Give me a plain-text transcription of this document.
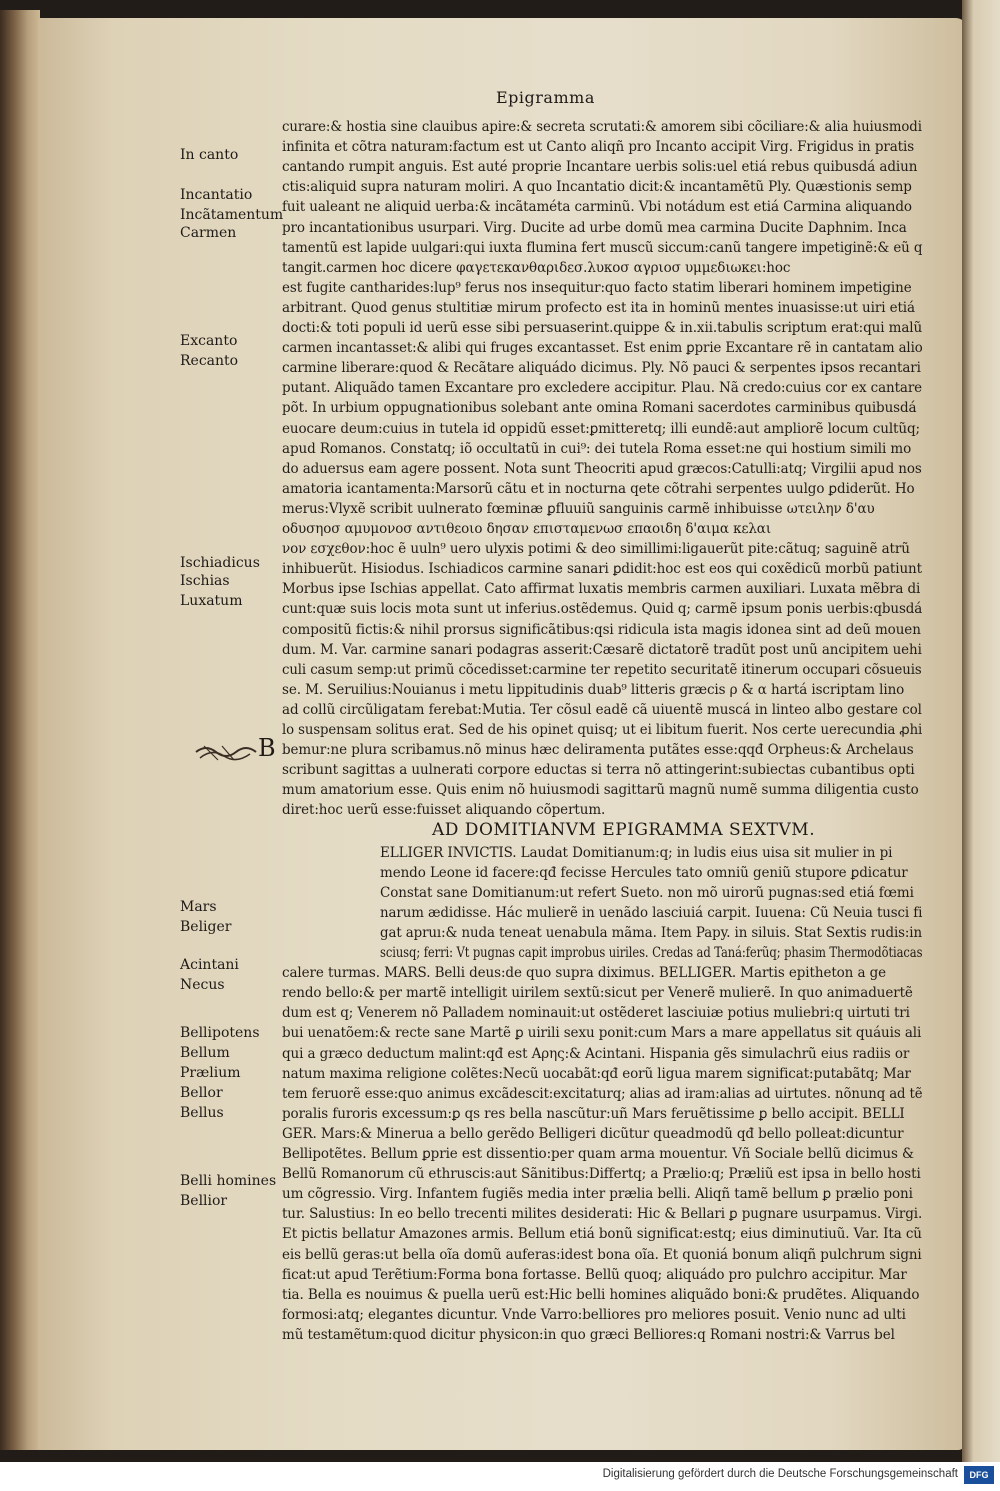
Epigramma
In canto
Incantatio
Incãtamentum
Carmen
Excanto
Recanto
Ischiadicus
Ischias
Luxatum
Mars
Beliger
Acintani
Necus
Bellipotens
Bellum
Prælium
Bellor
Bellus
Belli homines
Bellior
curare:& hostia sine clauibus apire:& secreta scrutati:& amorem sibi cõciliare:& alia huiusmodi
infinita et cõtra naturam:factum est ut Canto aliqñ pro Incanto accipit Virg. Frigidus in pratis
cantando rumpit anguis. Est auté proprie Incantare uerbis solis:uel etiá rebus quibusdá adiun
ctis:aliquid supra naturam moliri. A quo Incantatio dicit:& incantamẽtũ Ply. Quæstionis semp
fuit ualeant ne aliquid uerba:& incãtaméta carminũ. Vbi notádum est etiá Carmina aliquando
pro incantationibus usurpari. Virg. Ducite ad urbe domũ mea carmina Ducite Daphnim. Inca
tamentũ est lapide uulgari:qui iuxta flumina fert muscũ siccum:canũ tangere impetiginẽ:& eũ q
tangit.carmen hoc dicere φαγετεκανθαριδεσ.λυκοσ αγριοσ υμμεδιωκει:hoc
est fugite cantharides:lup⁹ ferus nos insequitur:quo facto statim liberari hominem impetigine
arbitrant. Quod genus stultitiæ mirum profecto est ita in hominũ mentes inuasisse:ut uiri etiá
docti:& toti populi id uerũ esse sibi persuaserint.quippe & in.xii.tabulis scriptum erat:qui malũ
carmen incantasset:& alibi qui fruges excantasset. Est enim ꝑprie Excantare rẽ in cantatam alio
carmine liberare:quod & Recãtare aliquádo dicimus. Ply. Nõ pauci & serpentes ipsos recantari
putant. Aliquãdo tamen Excantare pro excledere accipitur. Plau. Nã credo:cuius cor ex cantare
põt. In urbium oppugnationibus solebant ante omina Romani sacerdotes carminibus quibusdá
euocare deum:cuius in tutela id oppidũ esset:ꝑmitteretq; illi eundẽ:aut ampliorẽ locum cultũq;
apud Romanos. Constatq; iõ occultatũ in cui⁹: dei tutela Roma esset:ne qui hostium simili mo
do aduersus eam agere possent. Nota sunt Theocriti apud græcos:Catulli:atq; Virgilii apud nos
amatoria icantamenta:Marsorũ cãtu et in nocturna qete cõtrahi serpentes uulgo ꝑdiderũt. Ho
merus:Vlyxẽ scribit uulnerato fœminæ ꝑfluuiũ sanguinis carmẽ inhibuisse ωτειλην δ'αυ
οδυσηοσ αμυμονοσ αντιθεοιο δησαν επισταμενωσ επαοιδη δ'αιμα κελαι
νον εσχεθον:hoc ẽ uuln⁹ uero ulyxis potimi & deo simillimi:ligauerũt pite:cãtuq; saguinẽ atrũ
inhibuerũt. Hisiodus. Ischiadicos carmine sanari ꝑdidit:hoc est eos qui coxẽdicũ morbũ patiunt
Morbus ipse Ischias appellat. Cato affirmat luxatis membris carmen auxiliari. Luxata mẽbra di
cunt:quæ suis locis mota sunt ut inferius.ostẽdemus. Quid q; carmẽ ipsum ponis uerbis:qbusdá
compositũ fictis:& nihil prorsus significãtibus:qsi ridicula ista magis idonea sint ad deũ mouen
dum. M. Var. carmine sanari podagras asserit:Cæsarẽ dictatorẽ tradũt post unũ ancipitem uehi
culi casum semp:ut primũ cõcedisset:carmine ter repetito securitatẽ itinerum occupari cõsueuis
se. M. Seruilius:Nouianus i metu lippitudinis duab⁹ litteris græcis ρ & α hartá iscriptam lino
ad collũ circũligatam ferebat:Mutia. Ter cõsul eadẽ cã uiuentẽ muscá in linteo albo gestare col
lo suspensam solitus erat. Sed de his opinet quisq; ut ei libitum fuerit. Nos certe uerecundia ꝓhi
bemur:ne plura scribamus.nõ minus hæc deliramenta putãtes esse:qqđ Orpheus:& Archelaus
scribunt sagittas a uulnerati corpore eductas si terra nõ attingerint:subiectas cubantibus opti
mum amatorium esse. Quis enim nõ huiusmodi sagittarũ magnũ numẽ summa diligentia custo
diret:hoc uerũ esse:fuisset aliquando cõpertum.
AD DOMITIANVM EPIGRAMMA SEXTVM.
ELLIGER INVICTIS. Laudat Domitianum:q; in ludis eius uisa sit mulier in pi
mendo Leone id facere:qđ fecisse Hercules tato omniũ geniũ stupore ꝑdicatur
Constat sane Domitianum:ut refert Sueto. non mõ uirorũ pugnas:sed etiá fœmi
narum ædidisse. Hác mulierẽ in uenãdo lasciuiá carpit. Iuuena: Cũ Neuia tusci fi
gat apruı:& nuda teneat uenabula mãma. Item Papy. in siluis. Stat Sextis rudis:in
sciusq; ferri: Vt pugnas capit improbus uiriles. Credas ad Taná:ferũq; phasim Thermodõtiacas
calere turmas. MARS. Belli deus:de quo supra diximus. BELLIGER. Martis epitheton a ge
rendo bello:& per martẽ intelligit uirilem sextũ:sicut per Venerẽ mulierẽ. In quo animaduertẽ
dum est q; Venerem nõ Palladem nominauit:ut ostẽderet lasciuiæ potius muliebri:q uirtuti tri
bui uenatõem:& recte sane Martẽ ꝑ uirili sexu ponit:cum Mars a mare appellatus sit quáuis ali
qui a græco deductum malint:qđ est Αρης:& Acintani. Hispania gẽs simulachrũ eius radiis or
natum maxima religione colẽtes:Necũ uocabãt:qđ eorũ ligua marem significat:putabãtq; Mar
tem feruorẽ esse:quo animus excãdescit:excitaturq; alias ad iram:alias ad uirtutes. nõnunq ad tẽ
poralis furoris excessum:ꝑ qs res bella nascũtur:uñ Mars feruẽtissime ꝑ bello accipit. BELLI
GER. Mars:& Minerua a bello gerẽdo Belligeri dicũtur queadmodũ qđ bello polleat:dicuntur
Bellipotẽtes. Bellum ꝑprie est dissentio:per quam arma mouentur. Vñ Sociale bellũ dicimus &
Bellũ Romanorum cũ ethruscis:aut Sãnitibus:Differtq; a Prælio:q; Præliũ est ipsa in bello hosti
um cõgressio. Virg. Infantem fugiẽs media inter prælia belli. Aliqñ tamẽ bellum ꝑ prælio poni
tur. Salustius: In eo bello trecenti milites desiderati: Hic & Bellari ꝑ pugnare usurpamus. Virgi.
Et pictis bellatur Amazones armis. Bellum etiá bonũ significat:estq; eius diminutiuũ. Var. Ita cũ
eis bellũ geras:ut bella oĩa domũ auferas:idest bona oĩa. Et quoniá bonum aliqñ pulchrum signi
ficat:ut apud Terẽtium:Forma bona fortasse. Bellũ quoq; aliquádo pro pulchro accipitur. Mar
tia. Bella es nouimus & puella uerũ est:Hic belli homines aliquãdo boni:& prudẽtes. Aliquando
formosi:atq; elegantes dicuntur. Vnde Varro:belliores pro meliores posuit. Venio nunc ad ulti
mũ testamẽtum:quod dicitur physicon:in quo græci Belliores:q Romani nostri:& Varrus bel
B
Digitalisierung gefördert durch die Deutsche Forschungsgemeinschaft	DFG
